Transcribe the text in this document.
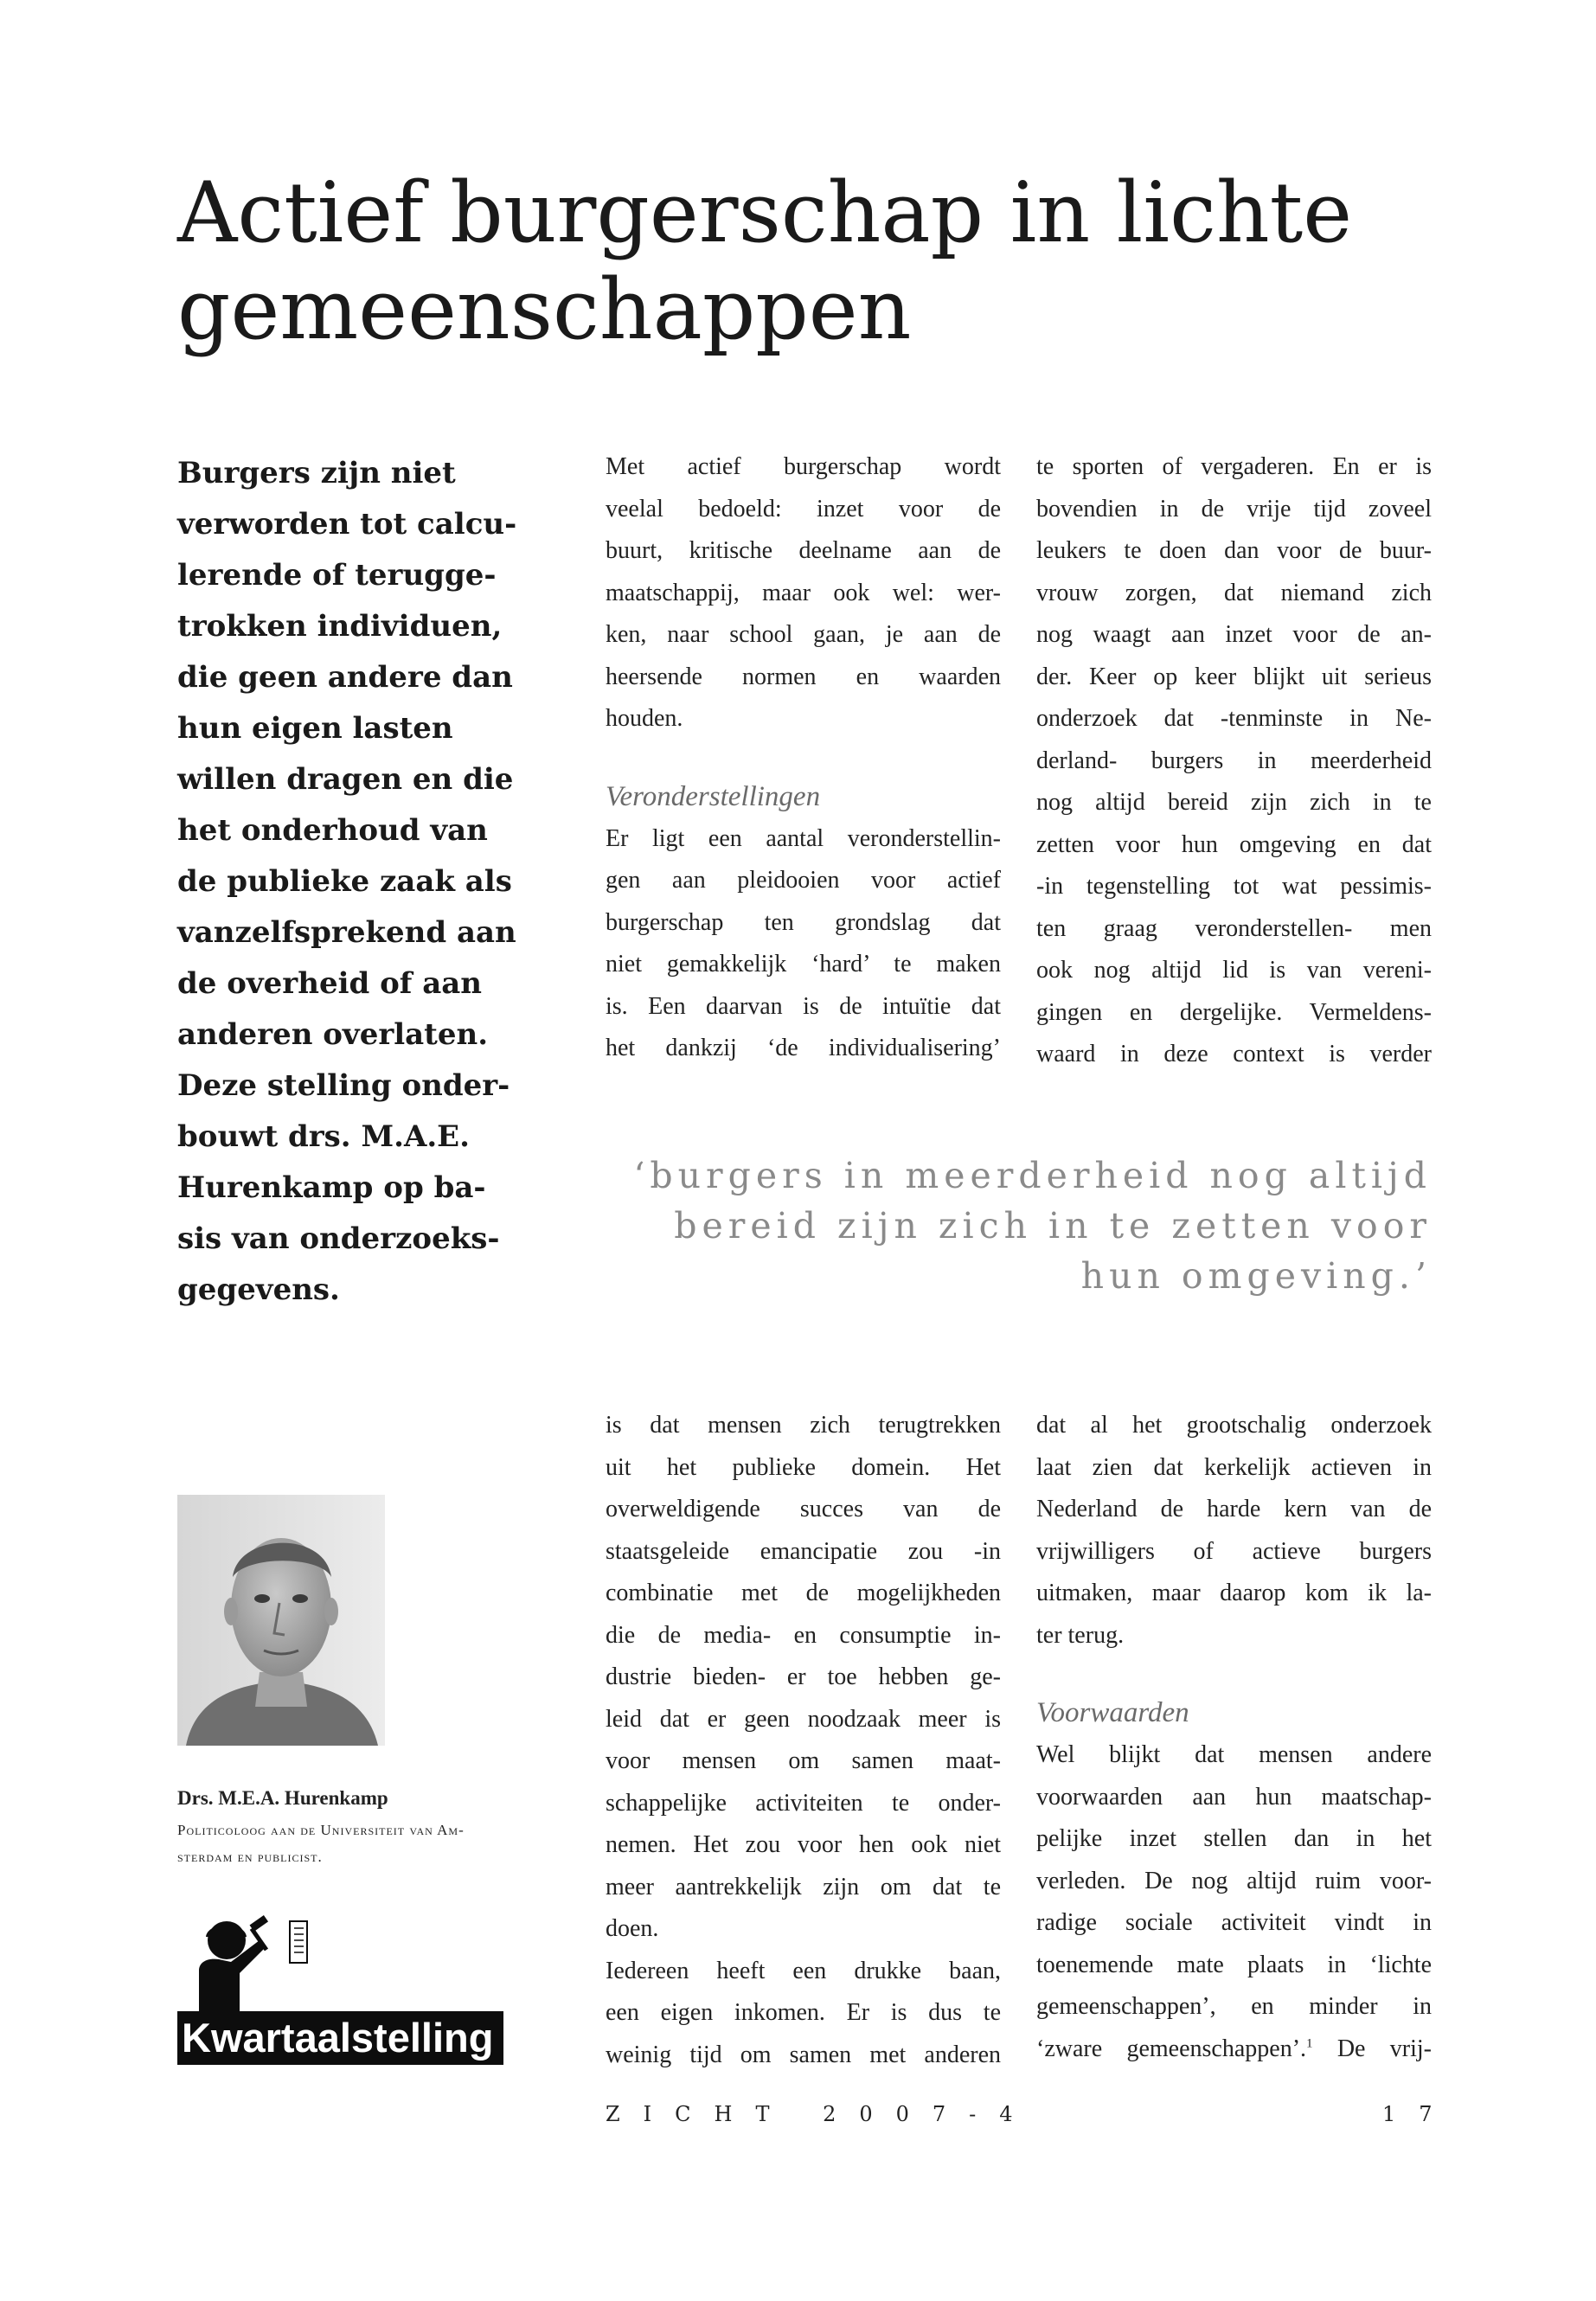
Actief burgerschap in lichte
gemeenschappen
Burgers zijn niet
verworden tot calcu-
lerende of terugge-
trokken individuen,
die geen andere dan
hun eigen lasten
willen dragen en die
het onderhoud van
de publieke zaak als
vanzelfsprekend aan
de overheid of aan
anderen overlaten.
Deze stelling onder-
bouwt drs. M.A.E.
Hurenkamp op ba-
sis van onderzoeks-
gegevens.
Met actief burgerschap wordt
veelal bedoeld: inzet voor de
buurt, kritische deelname aan de
maatschappij, maar ook wel: wer-
ken, naar school gaan, je aan de
heersende normen en waarden
houden.
Veronderstellingen
Er ligt een aantal veronderstellin-
gen aan pleidooien voor actief
burgerschap ten grondslag dat
niet gemakkelijk ‘hard’ te maken
is. Een daarvan is de intuïtie dat
het dankzij ‘de individualisering’
te sporten of vergaderen. En er is
bovendien in de vrije tijd zoveel
leukers te doen dan voor de buur-
vrouw zorgen, dat niemand zich
nog waagt aan inzet voor de an-
der. Keer op keer blijkt uit serieus
onderzoek dat -tenminste in Ne-
derland- burgers in meerderheid
nog altijd bereid zijn zich in te
zetten voor hun omgeving en dat
-in tegenstelling tot wat pessimis-
ten graag veronderstellen- men
ook nog altijd lid is van vereni-
gingen en dergelijke. Vermeldens-
waard in deze context is verder
‘burgers in meerderheid nog altijd
bereid zijn zich in te zetten voor
hun omgeving.’
is dat mensen zich terugtrekken
uit het publieke domein. Het
overweldigende succes van de
staatsgeleide emancipatie zou -in
combinatie met de mogelijkheden
die de media- en consumptie in-
dustrie bieden- er toe hebben ge-
leid dat er geen noodzaak meer is
voor mensen om samen maat-
schappelijke activiteiten te onder-
nemen. Het zou voor hen ook niet
meer aantrekkelijk zijn om dat te
doen.
Iedereen heeft een drukke baan,
een eigen inkomen. Er is dus te
weinig tijd om samen met anderen
dat al het grootschalig onderzoek
laat zien dat kerkelijk actieven in
Nederland de harde kern van de
vrijwilligers of actieve burgers
uitmaken, maar daarop kom ik la-
ter terug.
Voorwaarden
Wel blijkt dat mensen andere
voorwaarden aan hun maatschap-
pelijke inzet stellen dan in het
verleden. De nog altijd ruim voor-
radige sociale activiteit vindt in
toenemende mate plaats in ‘lichte
gemeenschappen’, en minder in
‘zware gemeenschappen’.$^1$ De vrij-
Drs. M.E.A. Hurenkamp
Politicoloog aan de Universiteit van Am-
sterdam en publicist.
Kwartaalstelling
ZICHT 2007-4	17
